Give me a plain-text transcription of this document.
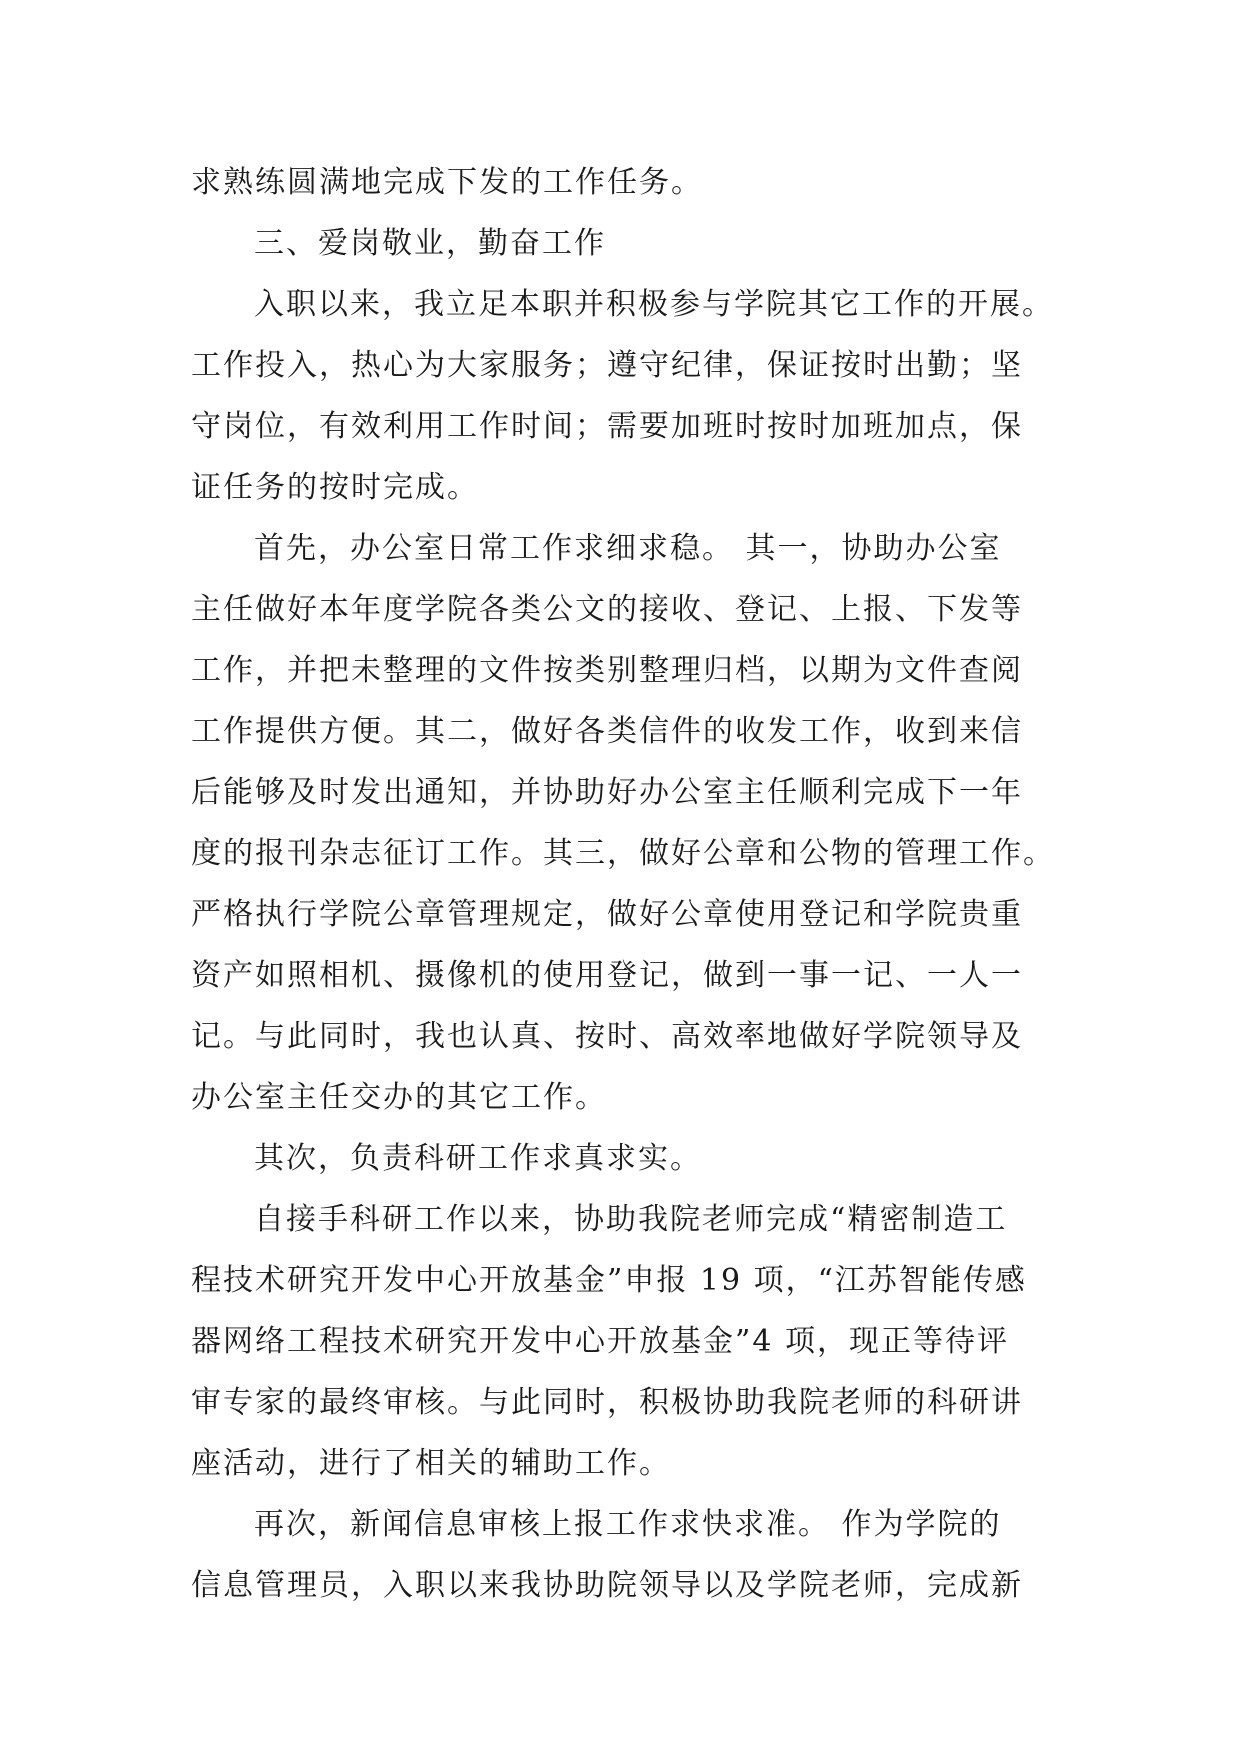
求熟练圆满地完成下发的工作任务。
三、爱岗敬业，勤奋工作
入职以来，我立足本职并积极参与学院其它工作的开展。
工作投入，热心为大家服务；遵守纪律，保证按时出勤；坚
守岗位，有效利用工作时间；需要加班时按时加班加点，保
证任务的按时完成。
首先，办公室日常工作求细求稳。 其一，协助办公室
主任做好本年度学院各类公文的接收、登记、上报、下发等
工作，并把未整理的文件按类别整理归档，以期为文件查阅
工作提供方便。其二，做好各类信件的收发工作，收到来信
后能够及时发出通知，并协助好办公室主任顺利完成下一年
度的报刊杂志征订工作。其三，做好公章和公物的管理工作。
严格执行学院公章管理规定，做好公章使用登记和学院贵重
资产如照相机、摄像机的使用登记，做到一事一记、一人一
记。与此同时，我也认真、按时、高效率地做好学院领导及
办公室主任交办的其它工作。
其次，负责科研工作求真求实。
自接手科研工作以来，协助我院老师完成“精密制造工
程技术研究开发中心开放基金”申报 19 项，“江苏智能传感
器网络工程技术研究开发中心开放基金”4 项，现正等待评
审专家的最终审核。与此同时，积极协助我院老师的科研讲
座活动，进行了相关的辅助工作。
再次，新闻信息审核上报工作求快求准。 作为学院的
信息管理员，入职以来我协助院领导以及学院老师，完成新
